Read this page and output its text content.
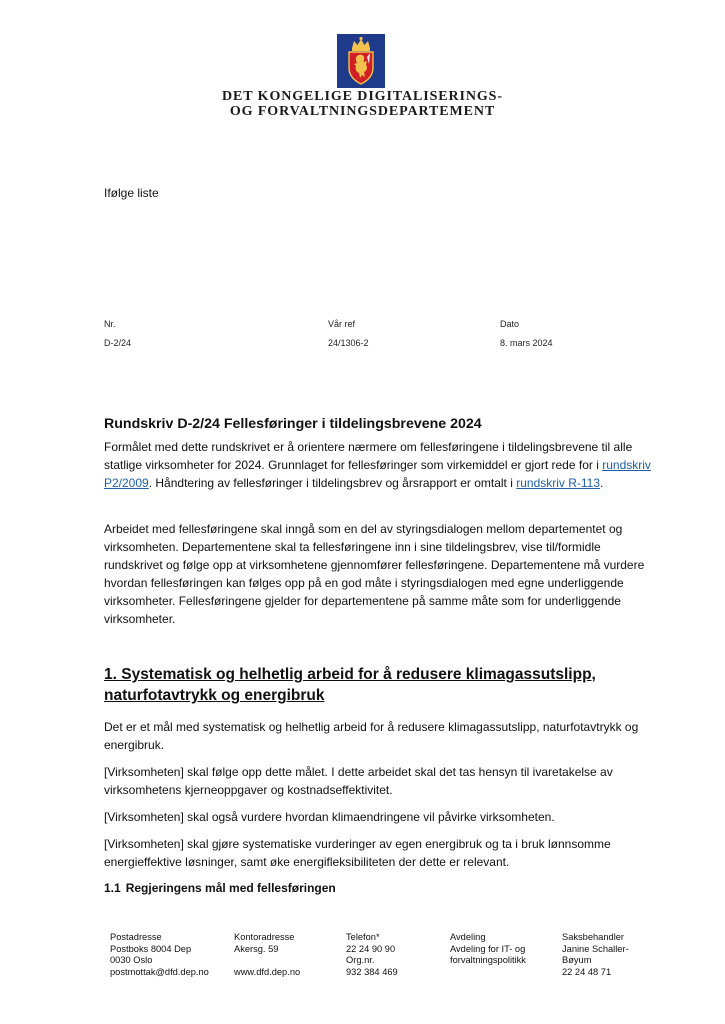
DET KONGELIGE DIGITALISERINGS-
OG FORVALTNINGSDEPARTEMENT
Ifølge liste
Nr.
D-2/24
Vår ref
24/1306-2
Dato
8. mars 2024
Rundskriv D-2/24 Fellesføringer i tildelingsbrevene 2024

Formålet med dette rundskrivet er å orientere nærmere om fellesføringene i tildelingsbrevene til alle statlige virksomheter for 2024. Grunnlaget for fellesføringer som virkemiddel er gjort rede for i rundskriv P2/2009. Håndtering av fellesføringer i tildelingsbrev og årsrapport er omtalt i rundskriv R-113.

Arbeidet med fellesføringene skal inngå som en del av styringsdialogen mellom departementet og virksomheten. Departementene skal ta fellesføringene inn i sine tildelingsbrev, vise til/formidle rundskrivet og følge opp at virksomhetene gjennomfører fellesføringene. Departementene må vurdere hvordan fellesføringen kan følges opp på en god måte i styringsdialogen med egne underliggende virksomheter. Fellesføringene gjelder for departementene på samme måte som for underliggende virksomheter.

1. Systematisk og helhetlig arbeid for å redusere klimagassutslipp,
naturfotavtrykk og energibruk

Det er et mål med systematisk og helhetlig arbeid for å redusere klimagassutslipp, naturfotavtrykk og energibruk.

[Virksomheten] skal følge opp dette målet. I dette arbeidet skal det tas hensyn til ivaretakelse av virksomhetens kjerneoppgaver og kostnadseffektivitet.

[Virksomheten] skal også vurdere hvordan klimaendringene vil påvirke virksomheten.

[Virksomheten] skal gjøre systematiske vurderinger av egen energibruk og ta i bruk lønnsomme energieffektive løsninger, samt øke energifleksibiliteten der dette er relevant.

1.1 Regjeringens mål med fellesføringen
Postadresse
Postboks 8004 Dep
0030 Oslo
postmottak@dfd.dep.no
Kontoradresse
Akersg. 59

www.dfd.dep.no
Telefon*
22 24 90 90
Org.nr.
932 384 469
Avdeling
Avdeling for IT- og
forvaltningspolitikk

Saksbehandler
Janine Schaller-
Bøyum
22 24 48 71
